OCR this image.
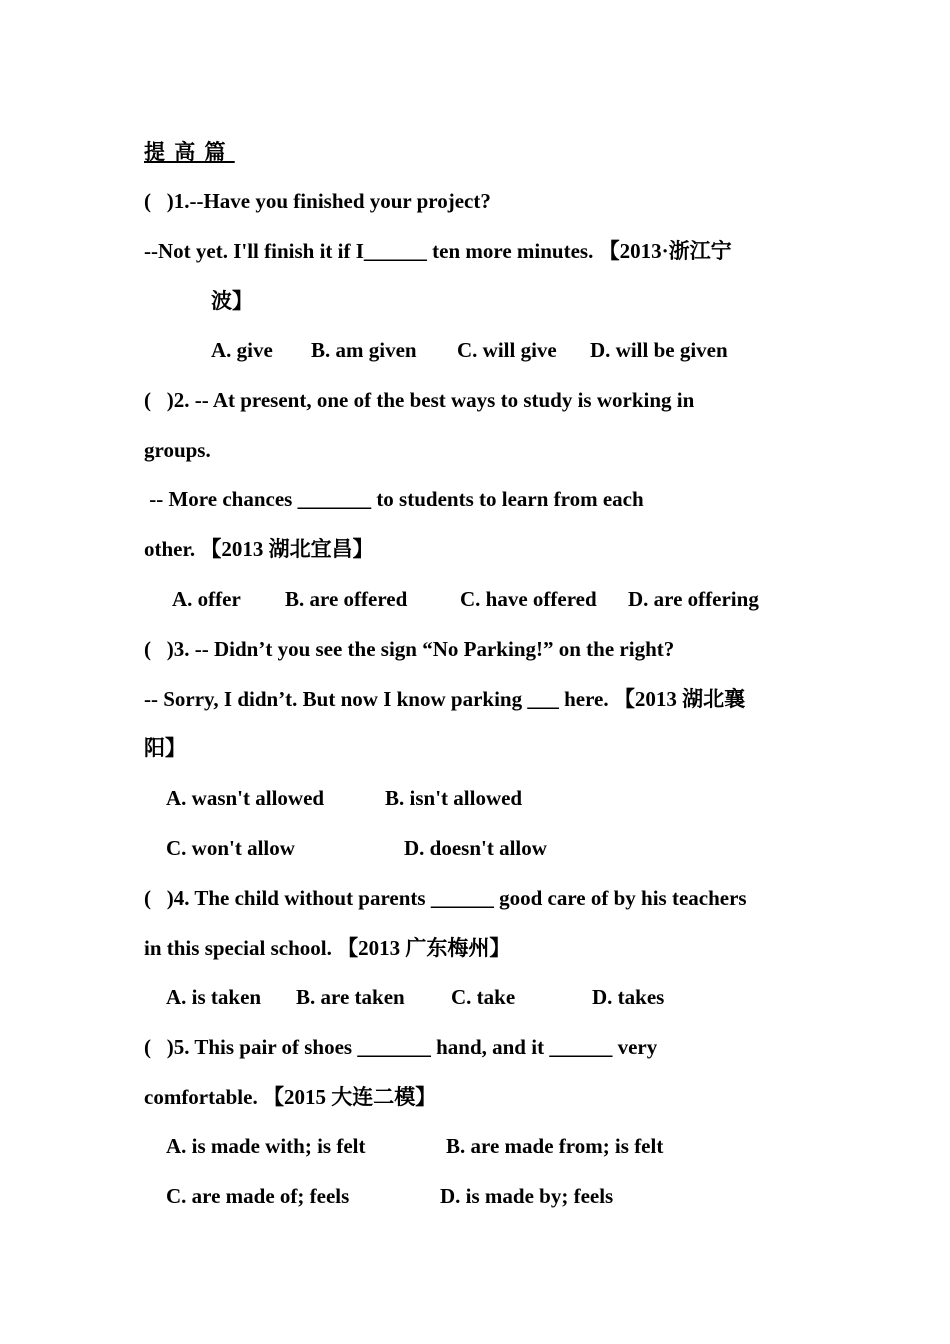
提 高 篇
(   )1.--Have you finished your project?
--Not yet. I'll finish it if I______ ten more minutes. 【2013·浙江宁
波】
A. give B. am given C. will give D. will be given
(   )2. -- At present, one of the best ways to study is working in
groups.
-- More chances _______ to students to learn from each
other. 【2013 湖北宜昌】
A. offer B. are offered	C. have offered D. are offering
(   )3. -- Didn’t you see the sign “No Parking!” on the right?
-- Sorry, I didn’t. But now I know parking ___ here. 【2013 湖北襄
阳】
A. wasn't allowed	B. isn't allowed
C. won't allow	D. doesn't allow
(   )4. The child without parents ______ good care of by his teachers
in this special school. 【2013 广东梅州】
A. is taken B. are taken C. take	D. takes
(   )5. This pair of shoes _______ hand, and it ______ very
comfortable. 【2015 大连二模】
A. is made with; is felt	B. are made from; is felt
C. are made of; feels	D. is made by; feels
